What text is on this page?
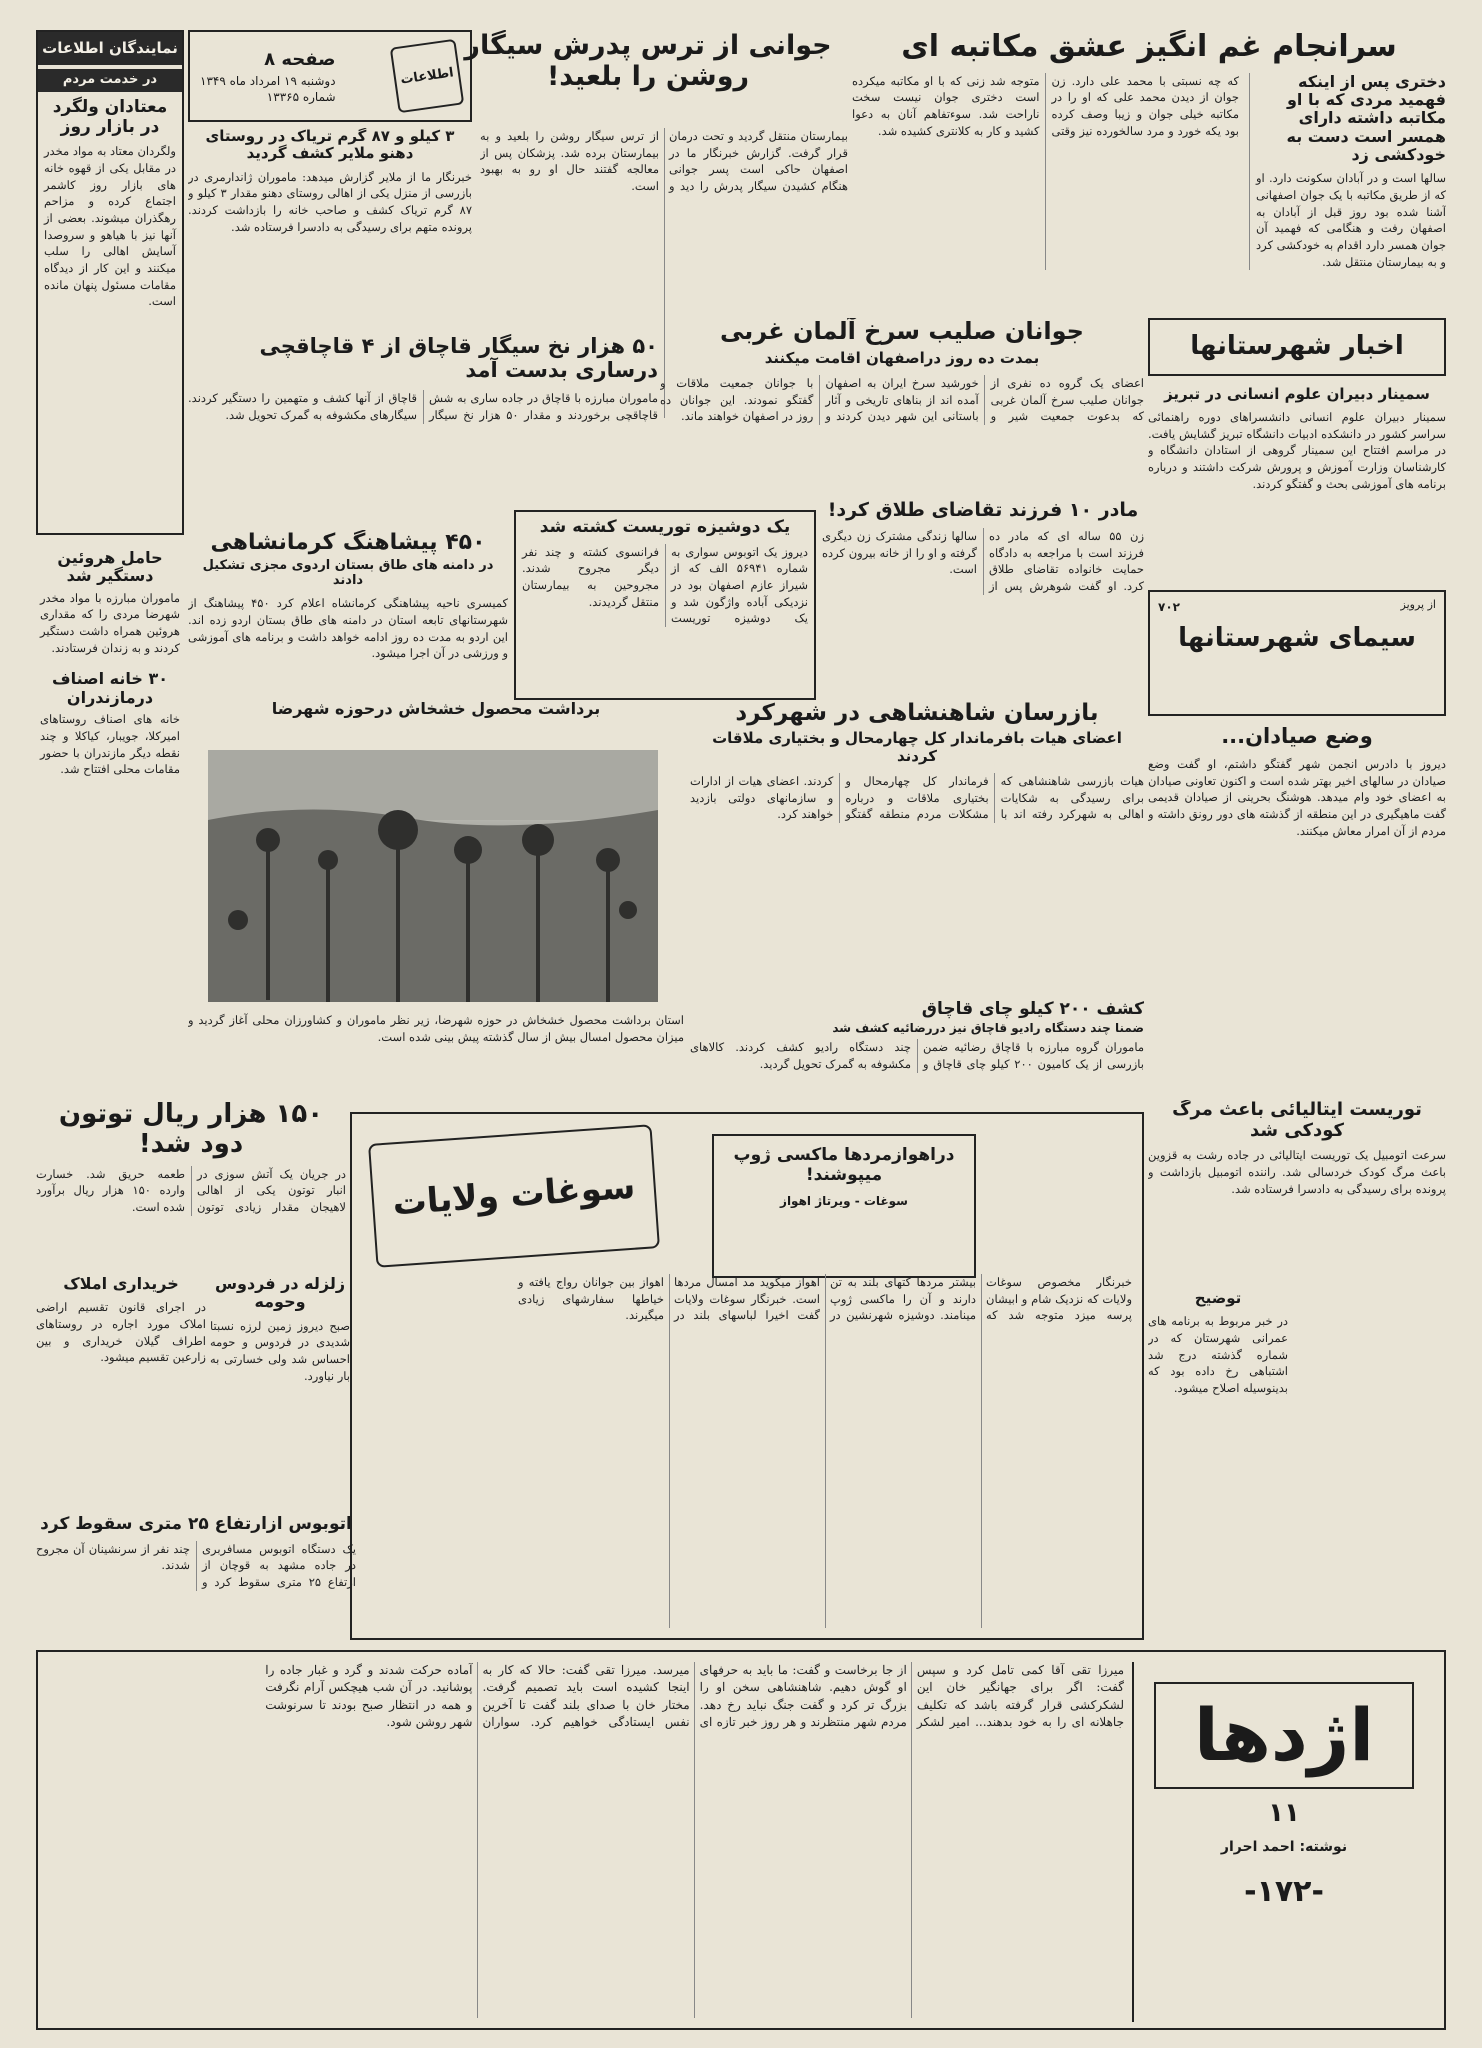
اطلاعات
صفحه ۸
دوشنبه ۱۹ امرداد ماه ۱۳۴۹
شماره ۱۳۳۶۵
نمایندگان اطلاعات
در خدمت مردم
معتادان ولگرد در بازار روز
ولگردان معتاد به مواد مخدر در مقابل یکی از قهوه خانه های بازار روز کاشمر اجتماع کرده و مزاحم رهگذران میشوند. بعضی از آنها نیز با هیاهو و سروصدا آسایش اهالی را سلب میکنند و این کار از دیدگاه مقامات مسئول پنهان مانده است.
حامل هروئین دستگیر شد
ماموران مبارزه با مواد مخدر شهرضا مردی را که مقداری هروئین همراه داشت دستگیر کردند و به زندان فرستادند.
۳۰ خانه اصناف درمازندران
خانه های اصناف روستاهای امیرکلا، جویبار، کیاکلا و چند نقطه دیگر مازندران با حضور مقامات محلی افتتاح شد.
جوانی از ترس پدرش سیگار روشن را بلعید!
بیمارستان منتقل گردید و تحت درمان قرار گرفت. گزارش خبرنگار ما در اصفهان حاکی است پسر جوانی هنگام کشیدن سیگار پدرش را دید و از ترس سیگار روشن را بلعید و به بیمارستان برده شد. پزشکان پس از معالجه گفتند حال او رو به بهبود است.
۳ کیلو و ۸۷ گرم تریاک در روستای دهنو ملایر کشف گردید
خبرنگار ما از ملایر گزارش میدهد: ماموران ژاندارمری در بازرسی از منزل یکی از اهالی روستای دهنو مقدار ۳ کیلو و ۸۷ گرم تریاک کشف و صاحب خانه را بازداشت کردند. پرونده متهم برای رسیدگی به دادسرا فرستاده شد.
۵۰ هزار نخ سیگار قاچاق از ۴ قاچاقچی درساری بدست آمد
ماموران مبارزه با قاچاق در جاده ساری به شش قاچاقچی برخوردند و مقدار ۵۰ هزار نخ سیگار قاچاق از آنها کشف و متهمین را دستگیر کردند. سیگارهای مکشوفه به گمرک تحویل شد.
سرانجام غم انگیز عشق مکاتبه ای
دختری پس از اینکه فهمید مردی که با او مکاتبه داشته دارای همسر است دست به خودکشی زد
سالها است و در آبادان سکونت دارد. او که از طریق مکاتبه با یک جوان اصفهانی آشنا شده بود روز قبل از آبادان به اصفهان رفت و هنگامی که فهمید آن جوان همسر دارد اقدام به خودکشی کرد و به بیمارستان منتقل شد.
که چه نسبتی با محمد علی دارد. زن جوان از دیدن محمد علی که او را در مکاتبه خیلی جوان و زیبا وصف کرده بود یکه خورد و مرد سالخورده نیز وقتی متوجه شد زنی که با او مکاتبه میکرده است دختری جوان نیست سخت ناراحت شد. سوءتفاهم آنان به دعوا کشید و کار به کلانتری کشیده شد.
اخبار شهرستانها
سمینار دبیران علوم انسانی در تبریز
سمینار دبیران علوم انسانی دانشسراهای دوره راهنمائی سراسر کشور در دانشکده ادبیات دانشگاه تبریز گشایش یافت. در مراسم افتتاح این سمینار گروهی از استادان دانشگاه و کارشناسان وزارت آموزش و پرورش شرکت داشتند و درباره برنامه های آموزشی بحث و گفتگو کردند.
جوانان صلیب سرخ آلمان غربی
بمدت ده روز دراصفهان اقامت میکنند
اعضای یک گروه ده نفری از جوانان صلیب سرخ آلمان غربی که بدعوت جمعیت شیر و خورشید سرخ ایران به اصفهان آمده اند از بناهای تاریخی و آثار باستانی این شهر دیدن کردند و با جوانان جمعیت ملاقات و گفتگو نمودند. این جوانان ده روز در اصفهان خواهند ماند.
مادر ۱۰ فرزند تقاضای طلاق کرد!
زن ۵۵ ساله ای که مادر ده فرزند است با مراجعه به دادگاه حمایت خانواده تقاضای طلاق کرد. او گفت شوهرش پس از سالها زندگی مشترک زن دیگری گرفته و او را از خانه بیرون کرده است.
یک دوشیزه توریست کشته شد
دیروز یک اتوبوس سواری به شماره ۵۶۹۴۱ الف که از شیراز عازم اصفهان بود در نزدیکی آباده واژگون شد و یک دوشیزه توریست فرانسوی کشته و چند نفر دیگر مجروح شدند. مجروحین به بیمارستان منتقل گردیدند.
۴۵۰ پیشاهنگ کرمانشاهی
در دامنه های طاق بستان اردوی مجزی تشکیل دادند
کمیسری ناحیه پیشاهنگی کرمانشاه اعلام کرد ۴۵۰ پیشاهنگ از شهرستانهای تابعه استان در دامنه های طاق بستان اردو زده اند. این اردو به مدت ده روز ادامه خواهد داشت و برنامه های آموزشی و ورزشی در آن اجرا میشود.
از پرویز
سیمای شهرستانها
۷۰۲
وضع صیادان...
دیروز با دادرس انجمن شهر گفتگو داشتم، او گفت وضع صیادان در سالهای اخیر بهتر شده است و اکنون تعاونی صیادان به اعضای خود وام میدهد. هوشنگ بحرینی از صیادان قدیمی گفت ماهیگیری در این منطقه از گذشته های دور رونق داشته و مردم از آن امرار معاش میکنند.
برداشت محصول خشخاش درحوزه شهرضا
استان برداشت محصول خشخاش در حوزه شهرضا، زیر نظر ماموران و کشاورزان محلی آغاز گردید و میزان محصول امسال بیش از سال گذشته پیش بینی شده است.
بازرسان شاهنشاهی در شهرکرد
اعضای هیات بافرماندار کل چهارمحال و بختیاری ملاقات کردند
هیات بازرسی شاهنشاهی که برای رسیدگی به شکایات اهالی به شهرکرد رفته اند با فرماندار کل چهارمحال و بختیاری ملاقات و درباره مشکلات مردم منطقه گفتگو کردند. اعضای هیات از ادارات و سازمانهای دولتی بازدید خواهند کرد.
کشف ۲۰۰ کیلو چای قاچاق
ضمنا چند دستگاه رادیو قاچاق نیز دررضائیه کشف شد
ماموران گروه مبارزه با قاچاق رضائیه ضمن بازرسی از یک کامیون ۲۰۰ کیلو چای قاچاق و چند دستگاه رادیو کشف کردند. کالاهای مکشوفه به گمرک تحویل گردید.
۱۵۰ هزار ریال توتون دود شد!
در جریان یک آتش سوزی در انبار توتون یکی از اهالی لاهیجان مقدار زیادی توتون طعمه حریق شد. خسارت وارده ۱۵۰ هزار ریال برآورد شده است.
خریداری املاک
در اجرای قانون تقسیم اراضی املاک مورد اجاره در روستاهای اطراف گیلان خریداری و بین زارعین تقسیم میشود.
زلزله در فردوس وحومه
صبح دیروز زمین لرزه نسبتا شدیدی در فردوس و حومه احساس شد ولی خسارتی به بار نیاورد.
اتوبوس ازارتفاع ۲۵ متری سقوط کرد
یک دستگاه اتوبوس مسافربری در جاده مشهد به قوچان از ارتفاع ۲۵ متری سقوط کرد و چند نفر از سرنشینان آن مجروح شدند.
سوغات ولایات
دراهوازمردها ماکسی ژوپ میپوشند!
سوغات - ویرتاژ اهواز
خبرنگار مخصوص سوغات ولایات که نزدیک شام و ابیشان پرسه میزد متوجه شد که بیشتر مردها کتهای بلند به تن دارند و آن را ماکسی ژوپ مینامند. دوشیزه شهرنشین در اهواز میگوید مد امسال مردها است. خبرنگار سوغات ولایات گفت اخیرا لباسهای بلند در اهواز بین جوانان رواج یافته و خیاطها سفارشهای زیادی میگیرند.
توریست ایتالیائی باعث مرگ کودکی شد
سرعت اتومبیل یک توریست ایتالیائی در جاده رشت به قزوین باعث مرگ کودک خردسالی شد. راننده اتومبیل بازداشت و پرونده برای رسیدگی به دادسرا فرستاده شد.
توضیح
در خبر مربوط به برنامه های عمرانی شهرستان که در شماره گذشته درج شد اشتباهی رخ داده بود که بدینوسیله اصلاح میشود.
اژدها
۱۱
نوشته: احمد احرار
-۱۷۲-
میرزا تقی آقا کمی تامل کرد و سپس گفت: اگر برای جهانگیر خان این لشکرکشی قرار گرفته باشد که تکلیف جاهلانه ای را به خود بدهند... امیر لشکر از جا برخاست و گفت: ما باید به حرفهای او گوش دهیم. شاهنشاهی سخن او را بزرگ تر کرد و گفت جنگ نباید رخ دهد. مردم شهر منتظرند و هر روز خبر تازه ای میرسد. میرزا تقی گفت: حالا که کار به اینجا کشیده است باید تصمیم گرفت. مختار خان با صدای بلند گفت تا آخرین نفس ایستادگی خواهیم کرد. سواران آماده حرکت شدند و گرد و غبار جاده را پوشانید. در آن شب هیچکس آرام نگرفت و همه در انتظار صبح بودند تا سرنوشت شهر روشن شود.
